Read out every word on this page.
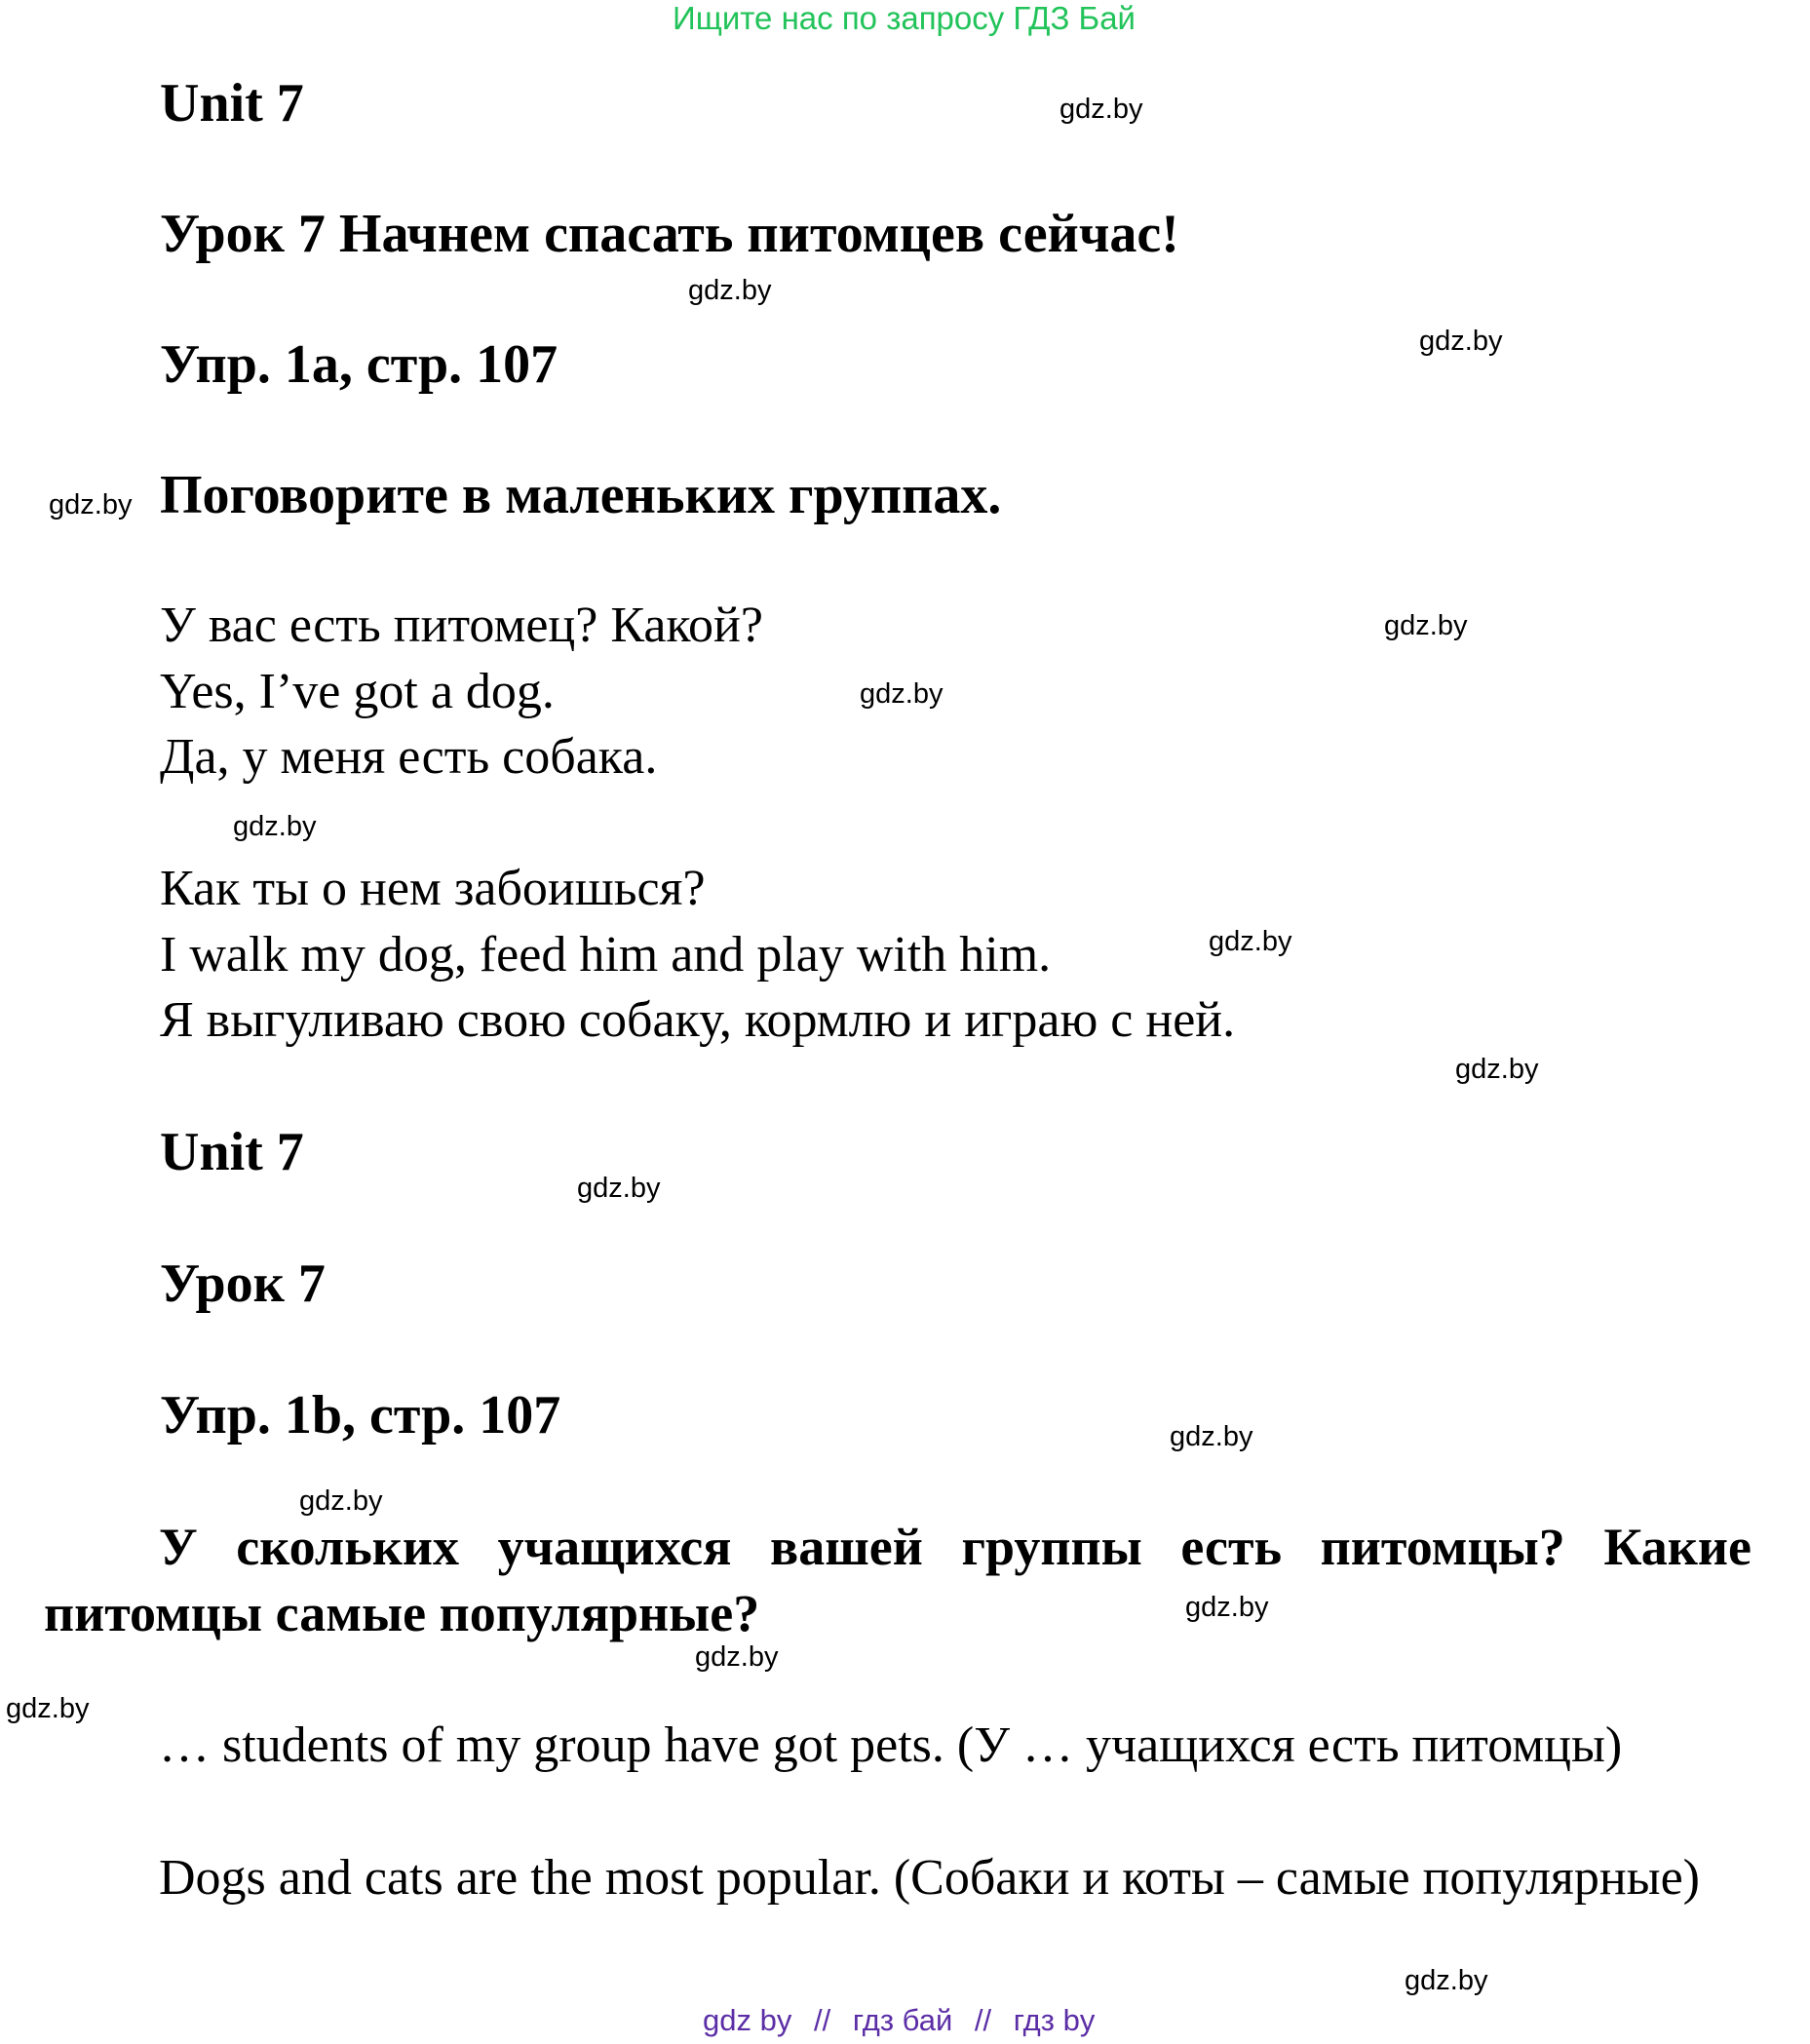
Ищите нас по запросу ГДЗ Бай
Unit 7
Урок 7 Начнем спасать питомцев сейчас!
Упр. 1a, стр. 107
Поговорите в маленьких группах.
У вас есть питомец? Какой?
Yes, I’ve got a dog.
Да, у меня есть собака.
Как ты о нем забоишься?
I walk my dog, feed him and play with him.
Я выгуливаю свою собаку, кормлю и играю с ней.
Unit 7
Урок 7
Упр. 1b, стр. 107
У скольких учащихся вашей группы есть питомцы? Какие питомцы самые популярные?
… students of my group have got pets. (У … учащихся есть питомцы)
Dogs and cats are the most popular. (Собаки и коты – самые популярные)
gdz.by
gdz.by
gdz.by
gdz.by
gdz.by
gdz.by
gdz.by
gdz.by
gdz.by
gdz.by
gdz.by
gdz.by
gdz.by
gdz.by
gdz.by
gdz.by
gdz by // гдз бай // гдз by
